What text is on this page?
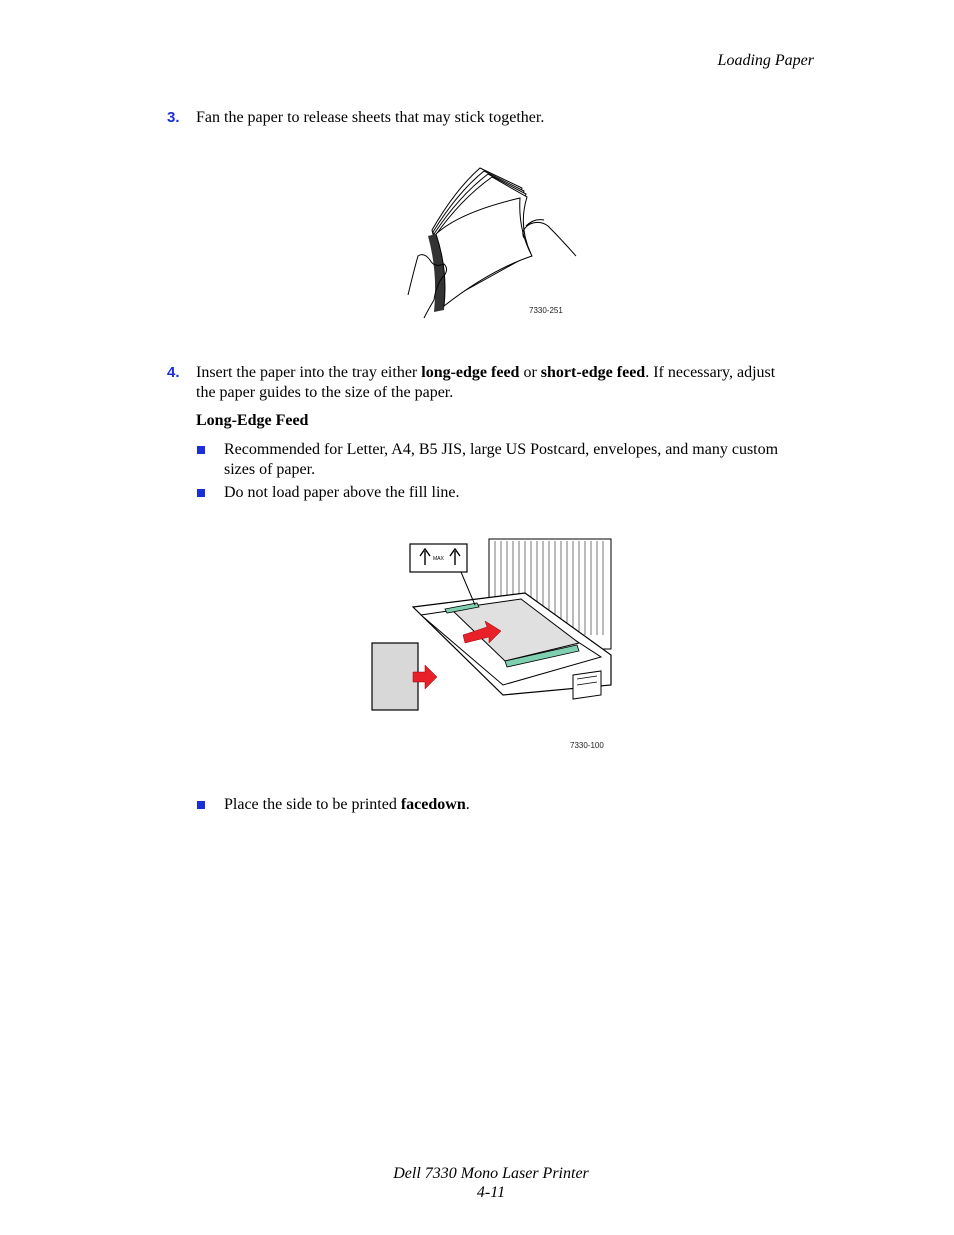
Loading Paper
3. Fan the paper to release sheets that may stick together.
7330-251
4. Insert the paper into the tray either long-edge feed or short-edge feed. If necessary, adjust
the paper guides to the size of the paper.
Long-Edge Feed
Recommended for Letter, A4, B5 JIS, large US Postcard, envelopes, and many custom
sizes of paper.
Do not load paper above the fill line.
MAX
7330-100
Place the side to be printed facedown.
Dell 7330 Mono Laser Printer
4-11
